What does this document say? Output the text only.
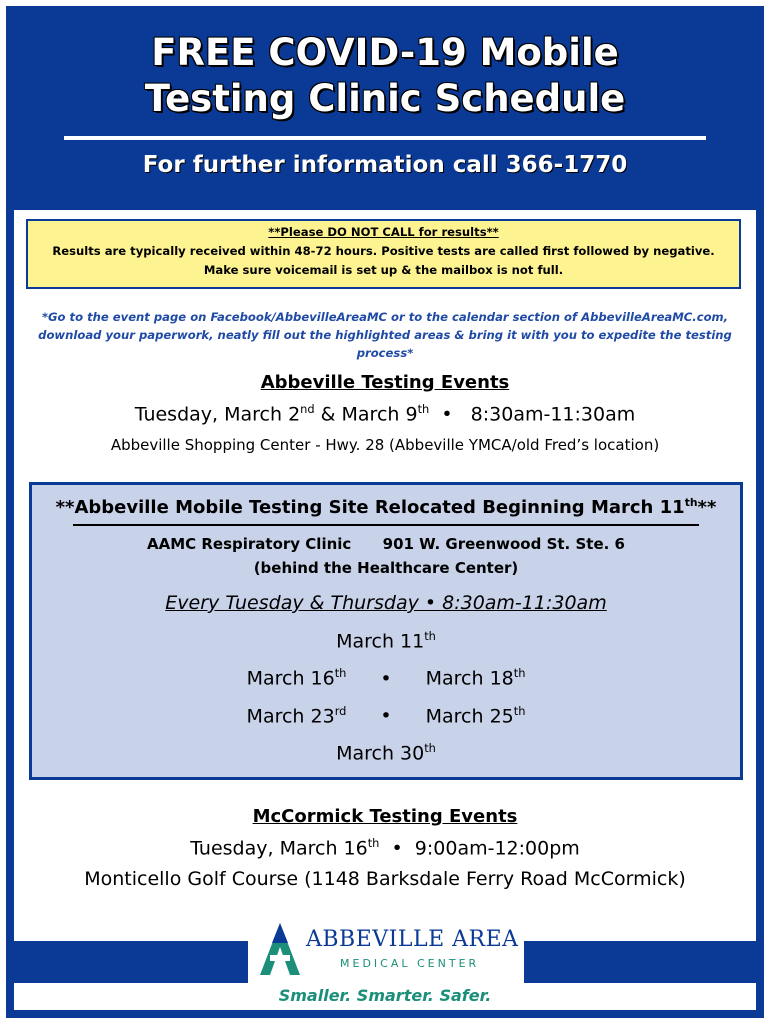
FREE COVID-19 Mobile
Testing Clinic Schedule
For further information call 366-1770
**Please DO NOT CALL for results**
Results are typically received within 48-72 hours. Positive tests are called first followed by negative.
Make sure voicemail is set up & the mailbox is not full.
*Go to the event page on Facebook/AbbevilleAreaMC or to the calendar section of AbbevilleAreaMC.com,
download your paperwork, neatly fill out the highlighted areas & bring it with you to expedite the testing process*
Abbeville Testing Events
Tuesday, March 2nd & March 9th  •   8:30am-11:30am
Abbeville Shopping Center - Hwy. 28 (Abbeville YMCA/old Fred’s location)
**Abbeville Mobile Testing Site Relocated Beginning March 11th**
AAMC Respiratory Clinic      901 W. Greenwood St. Ste. 6
(behind the Healthcare Center)
Every Tuesday & Thursday • 8:30am-11:30am
March 11th
March 16th • March 18th
March 23rd • March 25th
March 30th
McCormick Testing Events
Tuesday, March 16th  •  9:00am-12:00pm
Monticello Golf Course (1148 Barksdale Ferry Road McCormick)
ABBEVILLE AREA
MEDICAL CENTER
Smaller. Smarter. Safer.
